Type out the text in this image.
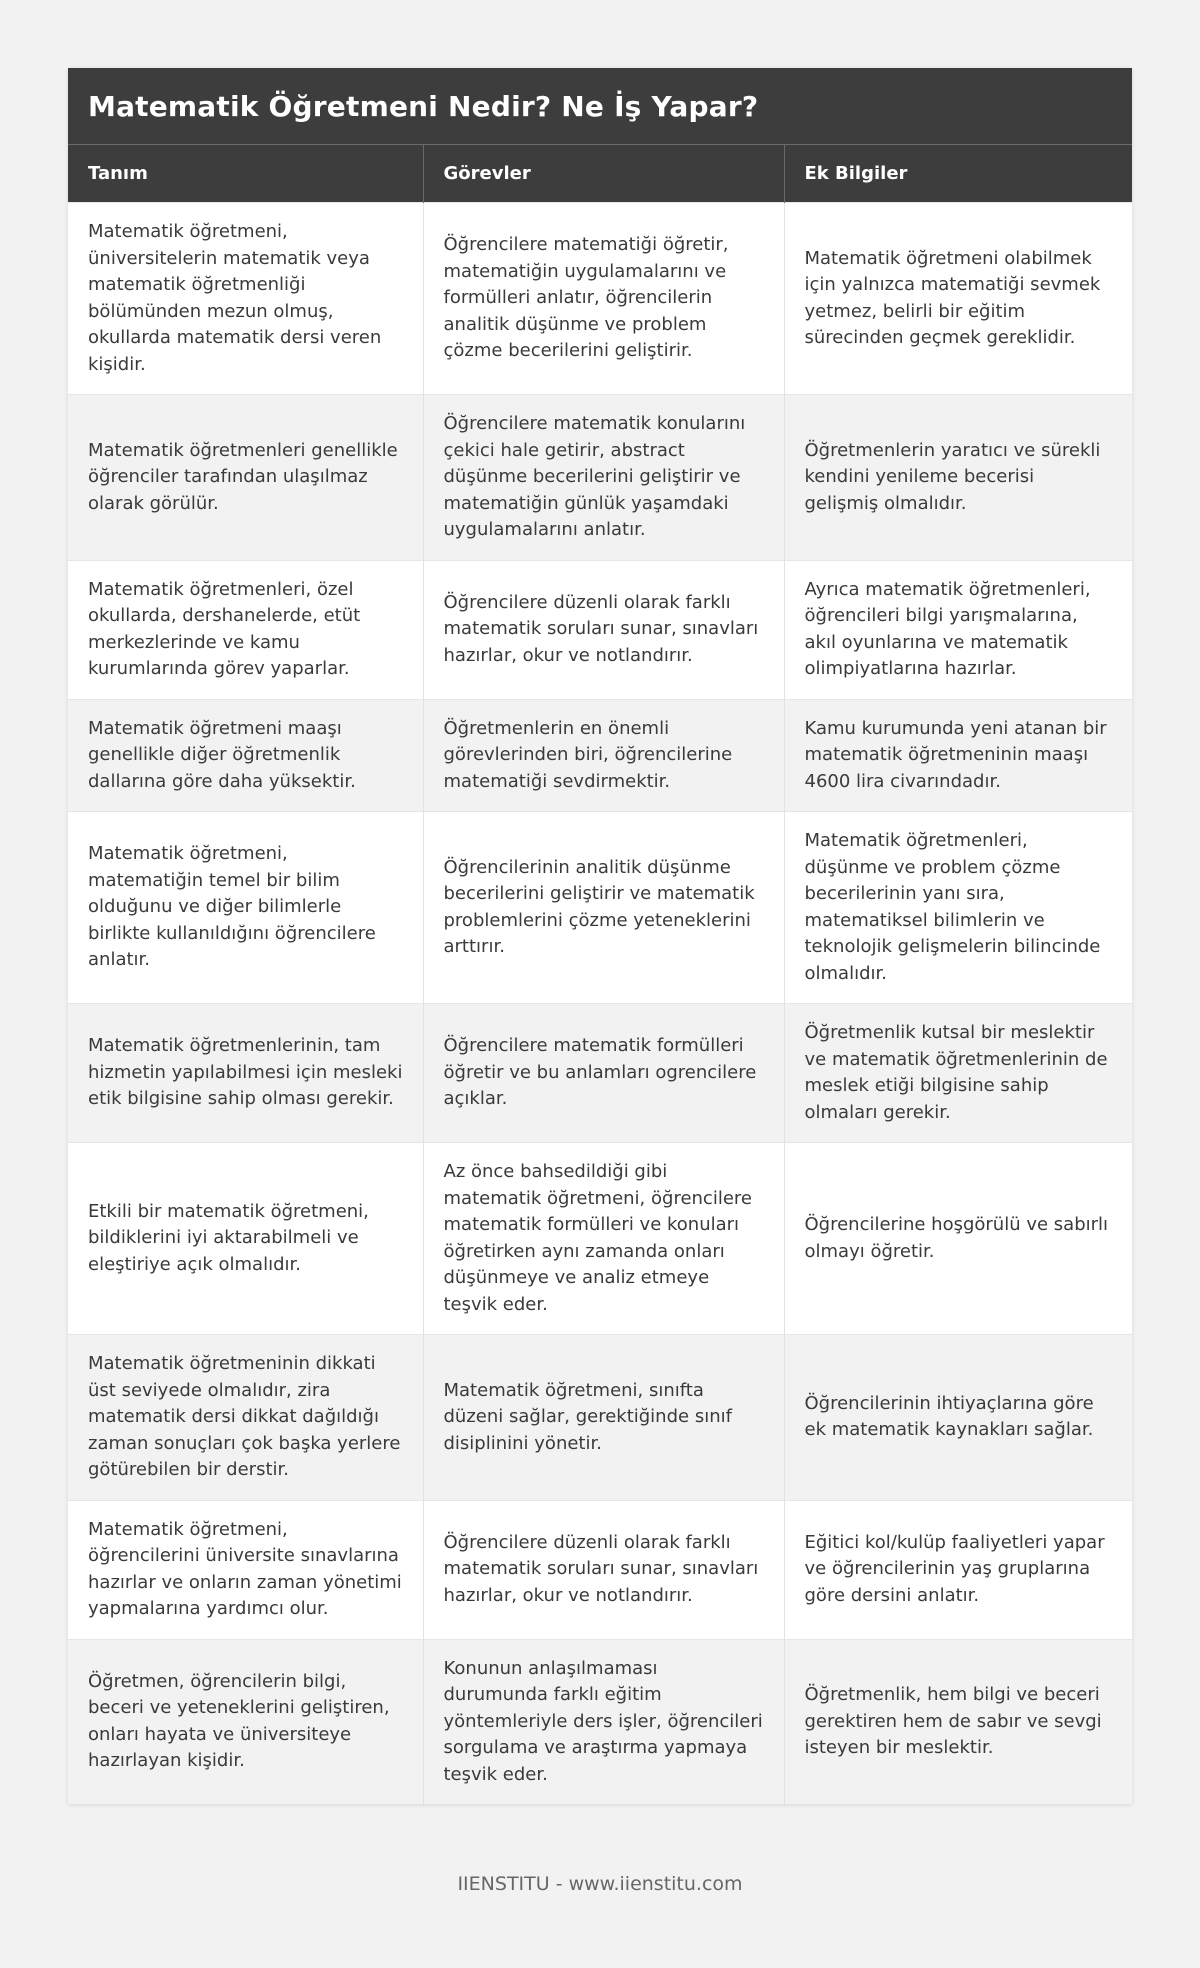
Matematik Öğretmeni Nedir? Ne İş Yapar?
Tanım	Görevler	Ek Bilgiler
Matematik öğretmeni, üniversitelerin matematik veya matematik öğretmenliği bölümünden mezun olmuş, okullarda matematik dersi veren kişidir.	Öğrencilere matematiği öğretir, matematiğin uygulamalarını ve formülleri anlatır, öğrencilerin analitik düşünme ve problem çözme becerilerini geliştirir.	Matematik öğretmeni olabilmek için yalnızca matematiği sevmek yetmez, belirli bir eğitim sürecinden geçmek gereklidir.
Matematik öğretmenleri genellikle öğrenciler tarafından ulaşılmaz olarak görülür.	Öğrencilere matematik konularını çekici hale getirir, abstract düşünme becerilerini geliştirir ve matematiğin günlük yaşamdaki uygulamalarını anlatır.	Öğretmenlerin yaratıcı ve sürekli kendini yenileme becerisi gelişmiş olmalıdır.
Matematik öğretmenleri, özel okullarda, dershanelerde, etüt merkezlerinde ve kamu kurumlarında görev yaparlar.	Öğrencilere düzenli olarak farklı matematik soruları sunar, sınavları hazırlar, okur ve notlandırır.	Ayrıca matematik öğretmenleri, öğrencileri bilgi yarışmalarına, akıl oyunlarına ve matematik olimpiyatlarına hazırlar.
Matematik öğretmeni maaşı genellikle diğer öğretmenlik dallarına göre daha yüksektir.	Öğretmenlerin en önemli görevlerinden biri, öğrencilerine matematiği sevdirmektir.	Kamu kurumunda yeni atanan bir matematik öğretmeninin maaşı 4600 lira civarındadır.
Matematik öğretmeni, matematiğin temel bir bilim olduğunu ve diğer bilimlerle birlikte kullanıldığını öğrencilere anlatır.	Öğrencilerinin analitik düşünme becerilerini geliştirir ve matematik problemlerini çözme yeteneklerini arttırır.	Matematik öğretmenleri, düşünme ve problem çözme becerilerinin yanı sıra, matematiksel bilimlerin ve teknolojik gelişmelerin bilincinde olmalıdır.
Matematik öğretmenlerinin, tam hizmetin yapılabilmesi için mesleki etik bilgisine sahip olması gerekir.	Öğrencilere matematik formülleri öğretir ve bu anlamları ogrencilere açıklar.	Öğretmenlik kutsal bir meslektir ve matematik öğretmenlerinin de meslek etiği bilgisine sahip olmaları gerekir.
Etkili bir matematik öğretmeni, bildiklerini iyi aktarabilmeli ve eleştiriye açık olmalıdır.	Az önce bahsedildiği gibi matematik öğretmeni, öğrencilere matematik formülleri ve konuları öğretirken aynı zamanda onları düşünmeye ve analiz etmeye teşvik eder.	Öğrencilerine hoşgörülü ve sabırlı olmayı öğretir.
Matematik öğretmeninin dikkati üst seviyede olmalıdır, zira matematik dersi dikkat dağıldığı zaman sonuçları çok başka yerlere götürebilen bir derstir.	Matematik öğretmeni, sınıfta düzeni sağlar, gerektiğinde sınıf disiplinini yönetir.	Öğrencilerinin ihtiyaçlarına göre ek matematik kaynakları sağlar.
Matematik öğretmeni, öğrencilerini üniversite sınavlarına hazırlar ve onların zaman yönetimi yapmalarına yardımcı olur.	Öğrencilere düzenli olarak farklı matematik soruları sunar, sınavları hazırlar, okur ve notlandırır.	Eğitici kol/kulüp faaliyetleri yapar ve öğrencilerinin yaş gruplarına göre dersini anlatır.
Öğretmen, öğrencilerin bilgi, beceri ve yeteneklerini geliştiren, onları hayata ve üniversiteye hazırlayan kişidir.	Konunun anlaşılmaması durumunda farklı eğitim yöntemleriyle ders işler, öğrencileri sorgulama ve araştırma yapmaya teşvik eder.	Öğretmenlik, hem bilgi ve beceri gerektiren hem de sabır ve sevgi isteyen bir meslektir.
IIENSTITU - www.iienstitu.com
